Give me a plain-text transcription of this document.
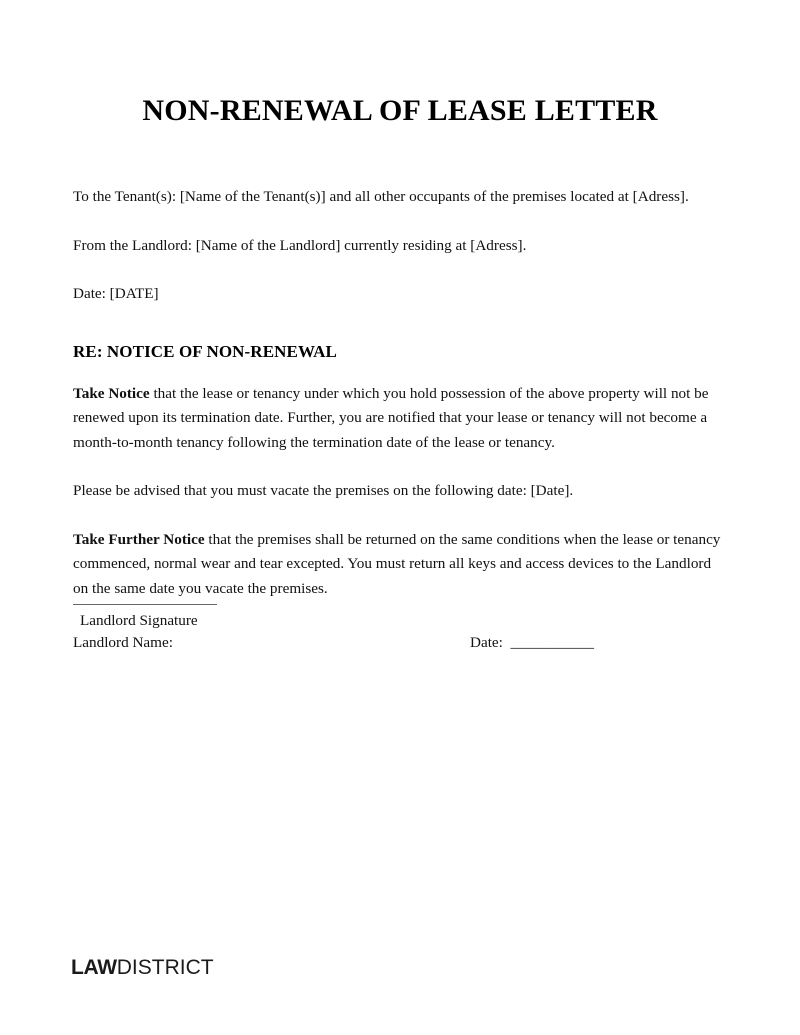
NON-RENEWAL OF LEASE LETTER

To the Tenant(s): [Name of the Tenant(s)] and all other occupants of the premises located at [Adress].

From the Landlord: [Name of the Landlord] currently residing at [Adress].

Date: [DATE]

RE: NOTICE OF NON-RENEWAL

Take Notice that the lease or tenancy under which you hold possession of the above property will not be renewed upon its termination date. Further, you are notified that your lease or tenancy will not become a month-to-month tenancy following the termination date of the lease or tenancy.

Please be advised that you must vacate the premises on the following date: [Date].

Take Further Notice that the premises shall be returned on the same conditions when the lease or tenancy commenced, normal wear and tear excepted. You must return all keys and access devices to the Landlord on the same date you vacate the premises.

Landlord Name:	Date:  ___________
Landlord Signature
LAWDISTRICT
